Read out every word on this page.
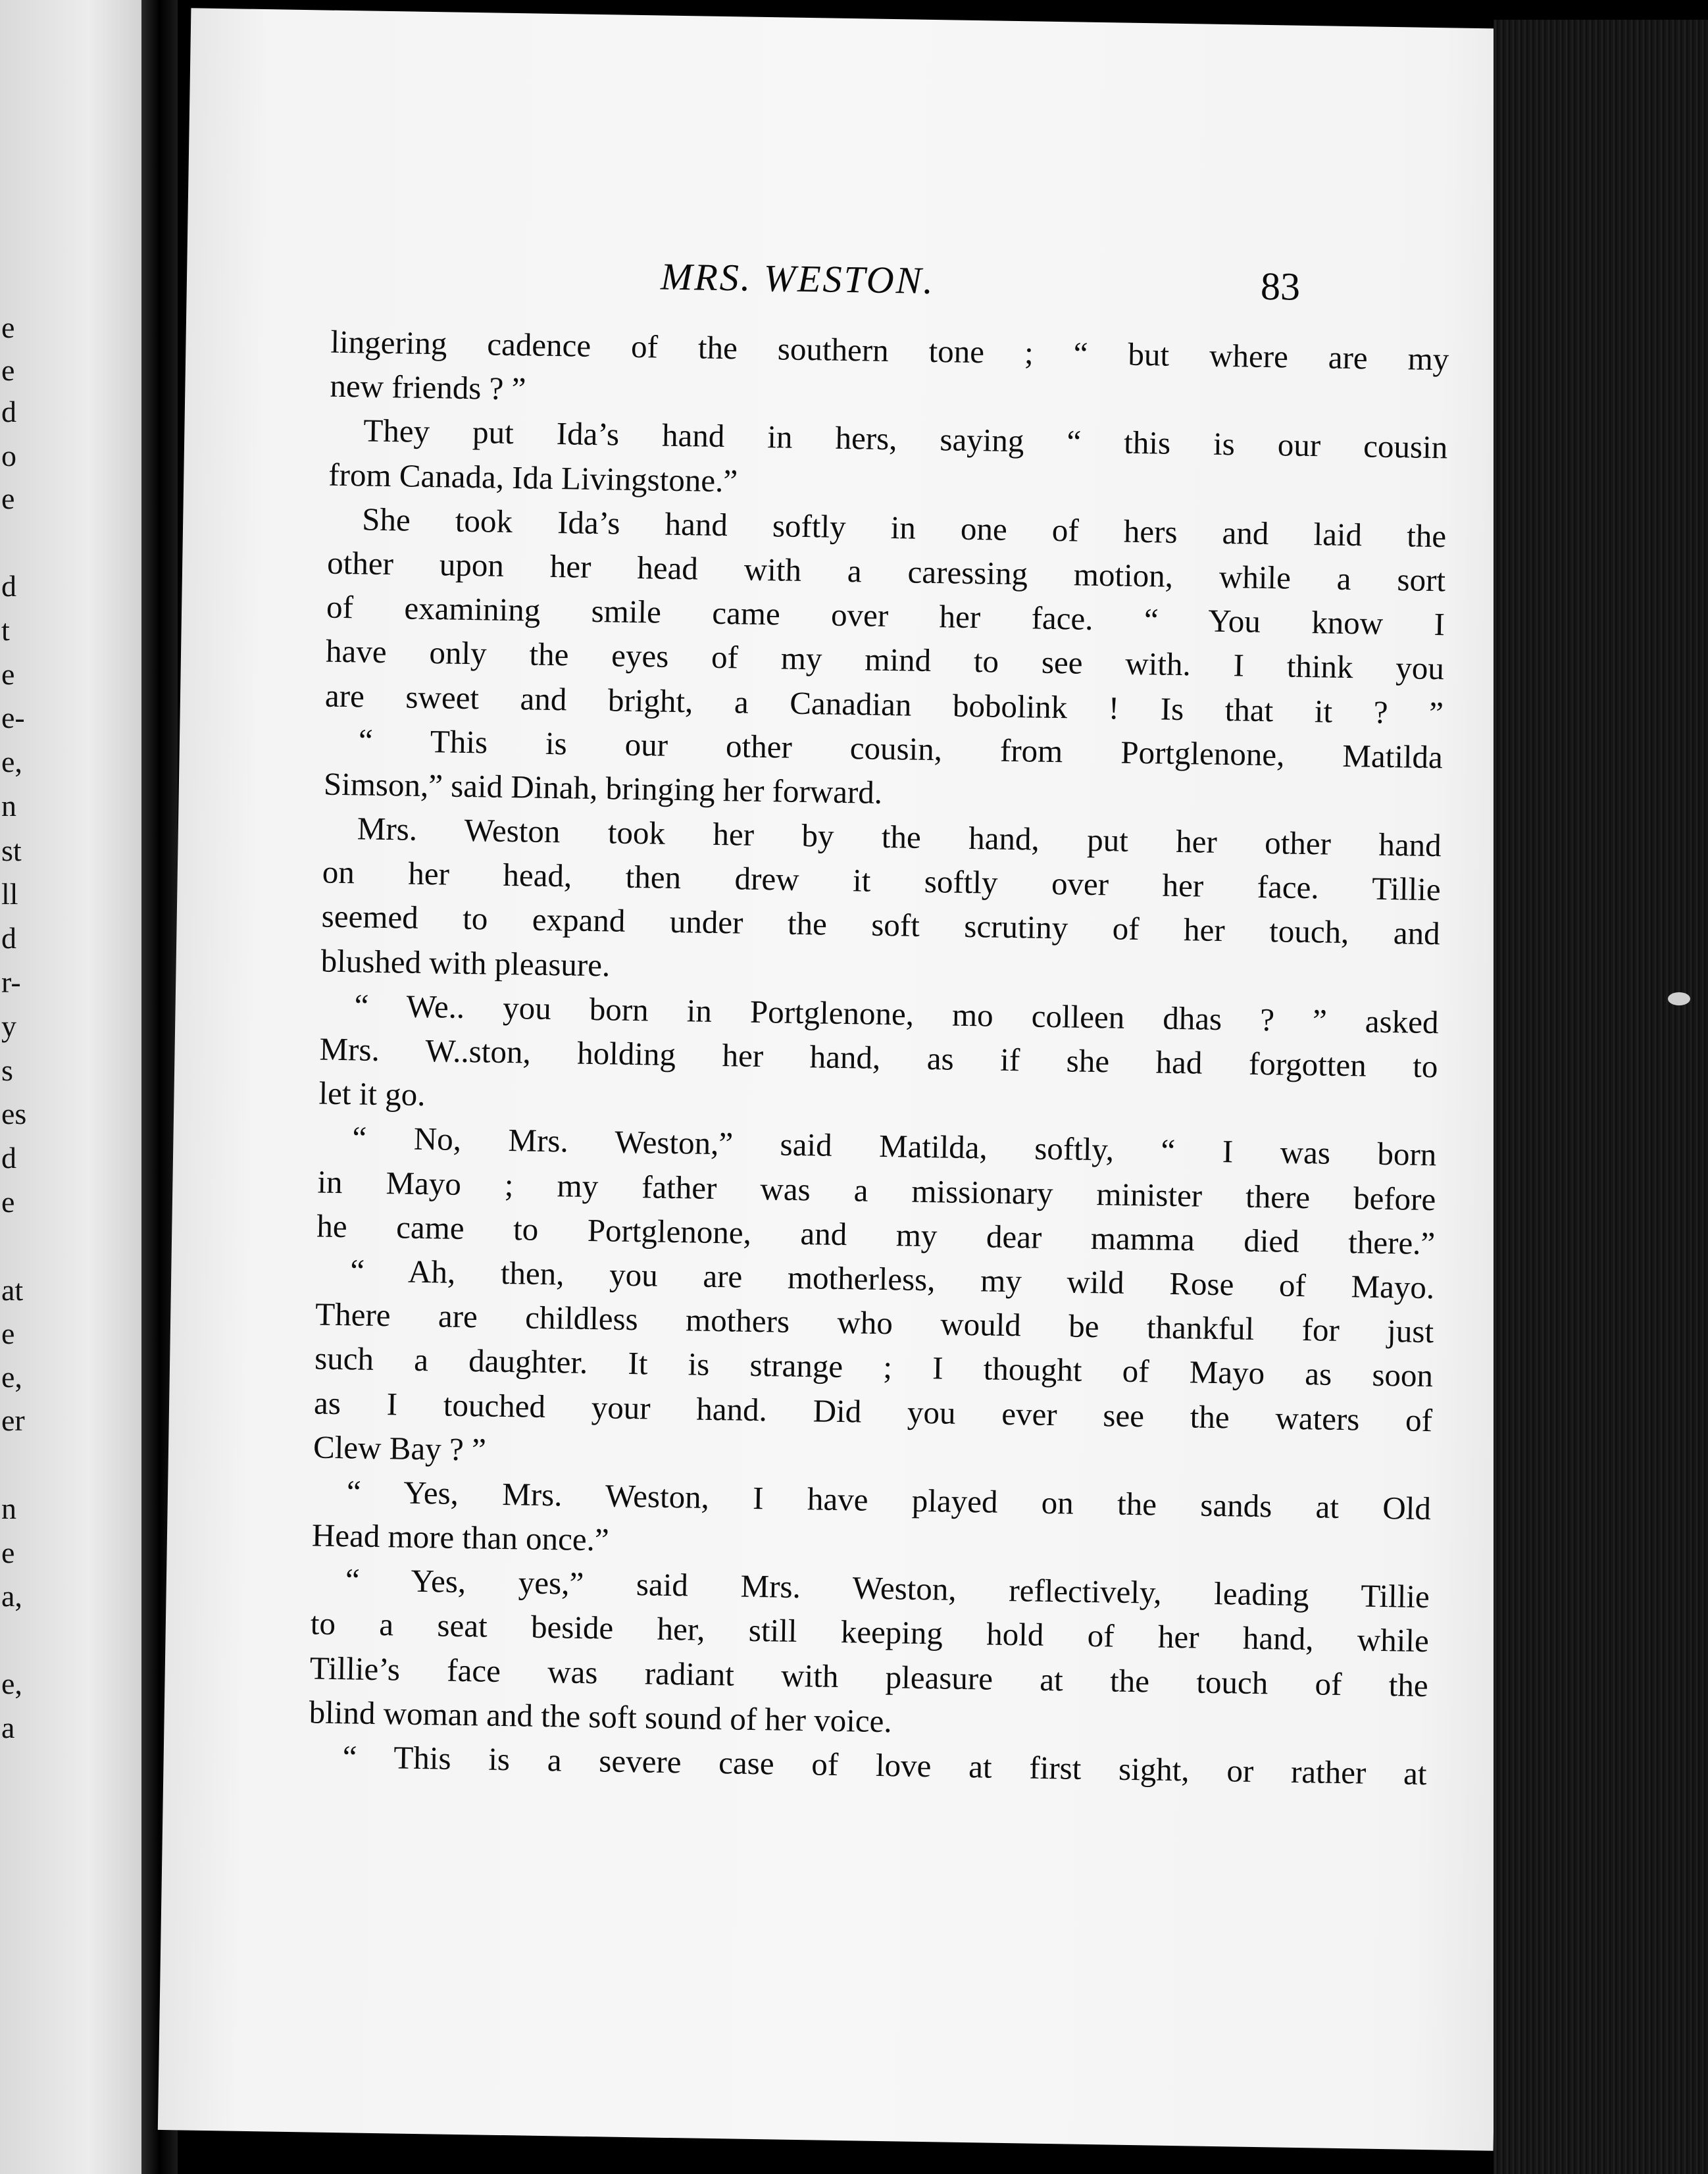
e
e
d
o
e
d
t
e
e-
e,
n
st
ll
d
r-
y
s
es
d
e
at
e
e,
er
n
e
a,
e,
a
MRS. WESTON.	83
lingering cadence of the southern tone ; “ but where are my
new friends ? ”
They put Ida’s hand in hers, saying “ this is our cousin
from Canada, Ida Livingstone.”
She took Ida’s hand softly in one of hers and laid the
other upon her head with a caressing motion, while a sort
of examining smile came over her face. “ You know I
have only the eyes of my mind to see with. I think you
are sweet and bright, a Canadian bobolink ! Is that it ? ”
“ This is our other cousin, from Portglenone, Matilda
Simson,” said Dinah, bringing her forward.
Mrs. Weston took her by the hand, put her other hand
on her head, then drew it softly over her face. Tillie
seemed to expand under the soft scrutiny of her touch, and
blushed with pleasure.
“ We.. you born in Portglenone, mo colleen dhas ? ” asked
Mrs. W..ston, holding her hand, as if she had forgotten to
let it go.
“ No, Mrs. Weston,” said Matilda, softly, “ I was born
in Mayo ; my father was a missionary minister there before
he came to Portglenone, and my dear mamma died there.”
“ Ah, then, you are motherless, my wild Rose of Mayo.
There are childless mothers who would be thankful for just
such a daughter. It is strange ; I thought of Mayo as soon
as I touched your hand. Did you ever see the waters of
Clew Bay ? ”
“ Yes, Mrs. Weston, I have played on the sands at Old
Head more than once.”
“ Yes, yes,” said Mrs. Weston, reflectively, leading Tillie
to a seat beside her, still keeping hold of her hand, while
Tillie’s face was radiant with pleasure at the touch of the
blind woman and the soft sound of her voice.
“ This is a severe case of love at first sight, or rather at
